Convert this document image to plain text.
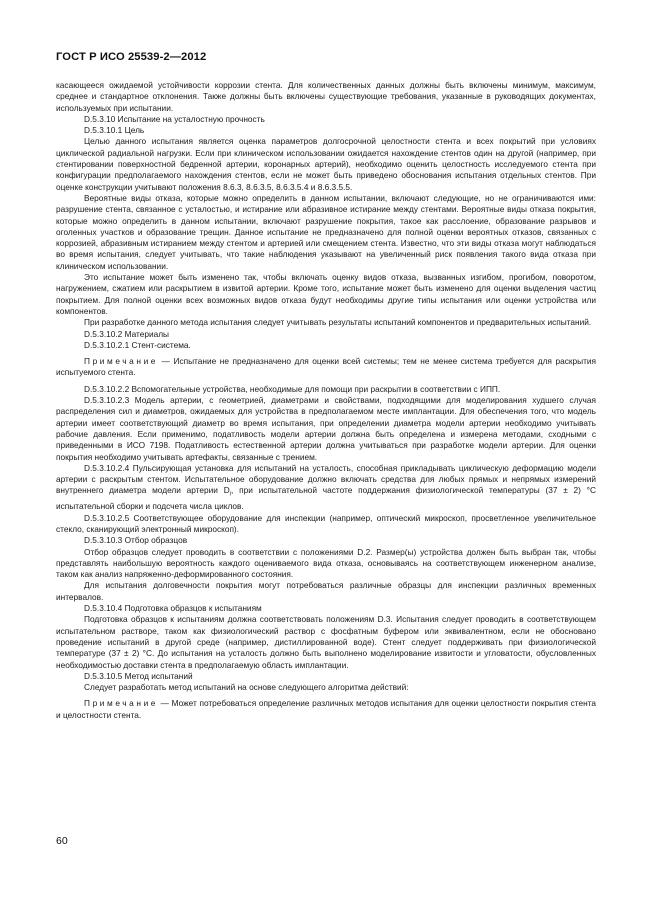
ГОСТ Р ИСО 25539-2—2012

касающееся ожидаемой устойчивости коррозии стента. Для количественных данных должны быть включены минимум, максимум, среднее и стандартное отклонения. Также должны быть включены существующие требования, указанные в руководящих документах, используемых при испытании.

D.5.3.10 Испытание на усталостную прочность

D.5.3.10.1 Цель

Целью данного испытания является оценка параметров долгосрочной целостности стента и всех покрытий при условиях циклической радиальной нагрузки. Если при клиническом использовании ожидается нахождение стентов один на другой (например, при стентировании поверхностной бедренной артерии, коронарных артерий), необходимо оценить целостность исследуемого стента при конфигурации предполагаемого нахождения стентов, если не может быть приведено обоснования испытания отдельных стентов. При оценке конструкции учитывают положения 8.6.3, 8.6.3.5, 8.6.3.5.4 и 8.6.3.5.5.

Вероятные виды отказа, которые можно определить в данном испытании, включают следующие, но не ограничиваются ими: разрушение стента, связанное с усталостью, и истирание или абразивное истирание между стентами. Вероятные виды отказа покрытия, которые можно определить в данном испытании, включают разрушение покрытия, такое как расслоение, образование разрывов и оголенных участков и образование трещин. Данное испытание не предназначено для полной оценки вероятных отказов, связанных с коррозией, абразивным истиранием между стентом и артерией или смещением стента. Известно, что эти виды отказа могут наблюдаться во время испытания, следует учитывать, что такие наблюдения указывают на увеличенный риск появления такого вида отказа при клиническом использовании.

Это испытание может быть изменено так, чтобы включать оценку видов отказа, вызванных изгибом, прогибом, поворотом, нагружением, сжатием или раскрытием в извитой артерии. Кроме того, испытание может быть изменено для оценки выделения частиц покрытием. Для полной оценки всех возможных видов отказа будут необходимы другие типы испытания или оценки устройства или компонентов.

При разработке данного метода испытания следует учитывать результаты испытаний компонентов и предварительных испытаний.

D.5.3.10.2 Материалы

D.5.3.10.2.1 Стент-система.

Примечание — Испытание не предназначено для оценки всей системы; тем не менее система требуется для раскрытия испытуемого стента.

D.5.3.10.2.2 Вспомогательные устройства, необходимые для помощи при раскрытии в соответствии с ИПП.

D.5.3.10.2.3 Модель артерии, с геометрией, диаметрами и свойствами, подходящими для моделирования худшего случая распределения сил и диаметров, ожидаемых для устройства в предполагаемом месте имплантации. Для обеспечения того, что модель артерии имеет соответствующий диаметр во время испытания, при определении диаметра модели артерии необходимо учитывать рабочие давления. Если применимо, податливость модели артерии должна быть определена и измерена методами, сходными с приведенными в ИСО 7198. Податливость естественной артерии должна учитываться при разработке модели артерии. Для оценки покрытия необходимо учитывать артефакты, связанные с трением.

D.5.3.10.2.4 Пульсирующая установка для испытаний на усталость, способная прикладывать циклическую деформацию модели артерии с раскрытым стентом. Испытательное оборудование должно включать средства для любых прямых и непрямых измерений внутреннего диаметра модели артерии $D_i$, при испытательной частоте поддержания физиологической температуры (37 ± 2) °C испытательной сборки и подсчета числа циклов.

D.5.3.10.2.5 Соответствующее оборудование для инспекции (например, оптический микроскоп, просветленное увеличительное стекло, сканирующий электронный микроскоп).

D.5.3.10.3 Отбор образцов

Отбор образцов следует проводить в соответствии с положениями D.2. Размер(ы) устройства должен быть выбран так, чтобы представлять наибольшую вероятность каждого оцениваемого вида отказа, основываясь на соответствующем инженерном анализе, таком как анализ напряженно-деформированного состояния.

Для испытания долговечности покрытия могут потребоваться различные образцы для инспекции различных временных интервалов.

D.5.3.10.4 Подготовка образцов к испытаниям

Подготовка образцов к испытаниям должна соответствовать положениям D.3. Испытания следует проводить в соответствующем испытательном растворе, таком как физиологический раствор с фосфатным буфером или эквивалентном, если не обосновано проведение испытаний в другой среде (например, дистиллированной воде). Стент следует поддерживать при физиологической температуре (37 ± 2) °C. До испытания на усталость должно быть выполнено моделирование извитости и угловатости, обусловленных необходимостью доставки стента в предполагаемую область имплантации.

D.5.3.10.5 Метод испытаний

Следует разработать метод испытаний на основе следующего алгоритма действий:

Примечание — Может потребоваться определение различных методов испытания для оценки целостности покрытия стента и целостности стента.

60
